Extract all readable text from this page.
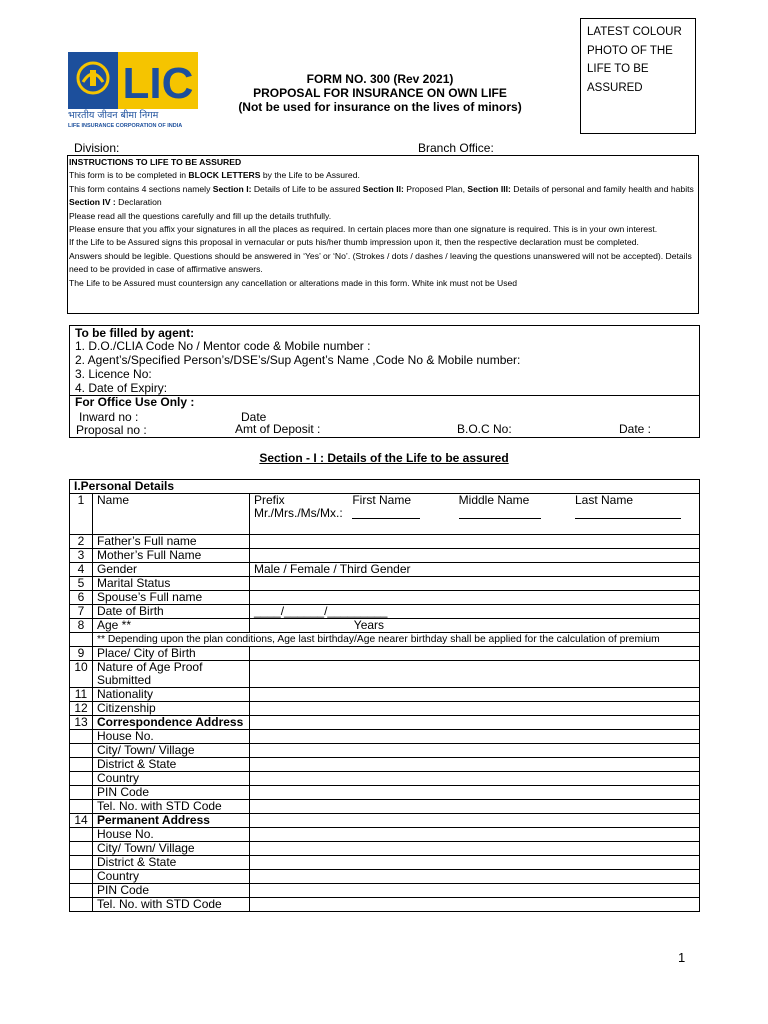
LATEST COLOUR PHOTO OF THE LIFE TO BE ASSURED
LIC
भारतीय जीवन बीमा निगम
LIFE INSURANCE CORPORATION OF INDIA
FORM NO. 300 (Rev 2021)
PROPOSAL FOR INSURANCE ON OWN LIFE
(Not be used for insurance on the lives of minors)
Division:	Branch Office:

INSTRUCTIONS TO LIFE TO BE ASSURED

This form is to be completed in BLOCK LETTERS by the Life to be Assured.

This form contains 4 sections namely Section I: Details of Life to be assured Section II: Proposed Plan, Section III: Details of personal and family health and habits Section IV : Declaration

Please read all the questions carefully and fill up the details truthfully.

Please ensure that you affix your signatures in all the places as required. In certain places more than one signature is required. This is in your own interest.

If the Life to be Assured signs this proposal in vernacular or puts his/her thumb impression upon it, then the respective declaration must be completed.

Answers should be legible. Questions should be answered in ‘Yes’ or ‘No’. (Strokes / dots / dashes / leaving the questions unanswered will not be accepted). Details need to be provided in case of affirmative answers.

The Life to be Assured must countersign any cancellation or alterations made in this form. White ink must not be Used

To be filled by agent:
1. D.O./CLIA Code No / Mentor code & Mobile number :
2. Agent’s/Specified Person’s/DSE’s/Sup Agent’s Name ,Code No & Mobile number:
3. Licence No:
4. Date of Expiry:
For Office Use Only :
Inward no :	Date
Proposal no :	Amt of Deposit :	B.O.C No:	Date :
Section - I : Details of the Life to be assured
I.Personal Details		
1	Name	Prefix
Mr./Mrs./Ms/Mx.:
First Name Middle Name Last Name

2	Father’s Full name	
3	Mother’s Full Name	
4	Gender	Male / Female / Third Gender
5	Marital Status	
6	Spouse’s Full name	
7	Date of Birth	____/______/_________
8	Age **	Years
	** Depending upon the plan conditions, Age last birthday/Age nearer birthday shall be applied for the calculation of premium	
9	Place/ City of Birth	
10	Nature of Age Proof Submitted	
11	Nationality	
12	Citizenship	
13	Correspondence Address	
	House No.	
	City/ Town/ Village	
	District & State	
	Country	
	PIN Code	
	Tel. No. with STD Code	
14	Permanent Address	
	House No.	
	City/ Town/ Village	
	District & State	
	Country	
	PIN Code	
	Tel. No. with STD Code	
1
